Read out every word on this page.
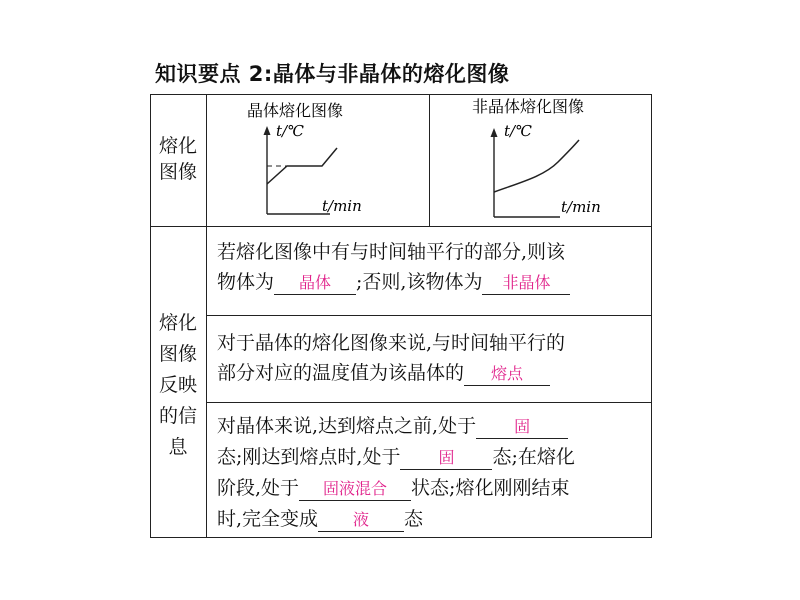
知识要点 2:晶体与非晶体的熔化图像
熔化
图像
熔化
图像
反映
的信
息
晶体熔化图像
t/℃
t/min
非晶体熔化图像
t/℃
t/min
若熔化图像中有与时间轴平行的部分,则该
物体为 晶体 ;否则,该物体为 非晶体
对于晶体的熔化图像来说,与时间轴平行的
部分对应的温度值为该晶体的 熔点
对晶体来说,达到熔点之前,处于 固
态;刚达到熔点时,处于 固 态;在熔化
阶段,处于 固液混合 状态;熔化刚刚结束
时,完全变成 液 态
